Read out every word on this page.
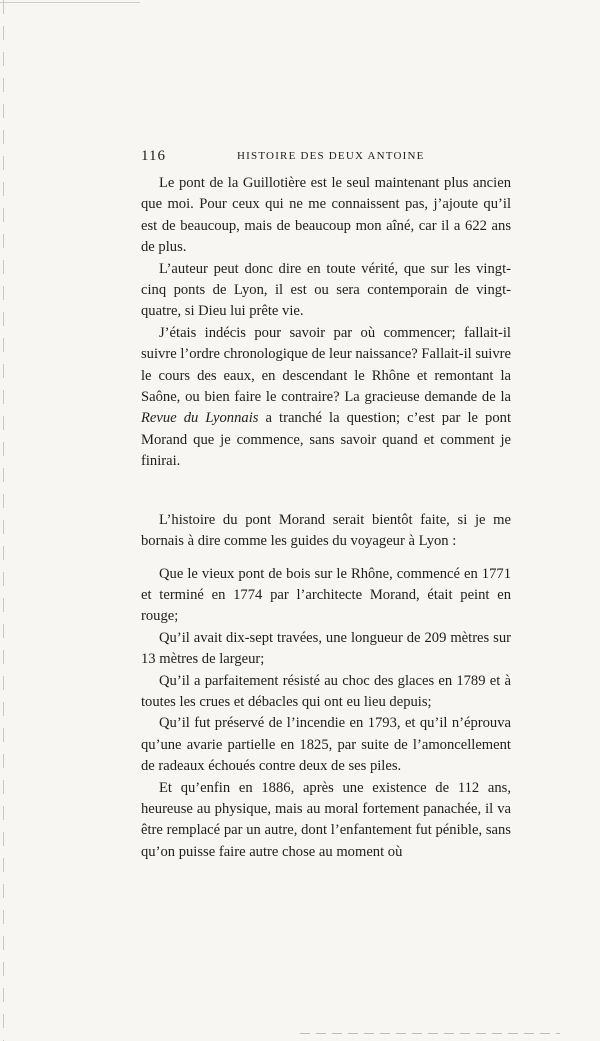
116	HISTOIRE DES DEUX ANTOINE

Le pont de la Guillotière est le seul maintenant plus ancien que moi. Pour ceux qui ne me connaissent pas, j’ajoute qu’il est de beaucoup, mais de beaucoup mon aîné, car il a 622 ans de plus.

L’auteur peut donc dire en toute vérité, que sur les vingt-cinq ponts de Lyon, il est ou sera contemporain de vingt-quatre, si Dieu lui prête vie.

J’étais indécis pour savoir par où commencer; fallait-il suivre l’ordre chronologique de leur naissance? Fallait-il suivre le cours des eaux, en descendant le Rhône et remontant la Saône, ou bien faire le contraire? La gracieuse demande de la Revue du Lyonnais a tranché la question; c’est par le pont Morand que je commence, sans savoir quand et comment je finirai.

L’histoire du pont Morand serait bientôt faite, si je me bornais à dire comme les guides du voyageur à Lyon :

Que le vieux pont de bois sur le Rhône, commencé en 1771 et terminé en 1774 par l’architecte Morand, était peint en rouge;

Qu’il avait dix-sept travées, une longueur de 209 mètres sur 13 mètres de largeur;

Qu’il a parfaitement résisté au choc des glaces en 1789 et à toutes les crues et débacles qui ont eu lieu depuis;

Qu’il fut préservé de l’incendie en 1793, et qu’il n’éprouva qu’une avarie partielle en 1825, par suite de l’amoncellement de radeaux échoués contre deux de ses piles.

Et qu’enfin en 1886, après une existence de 112 ans, heureuse au physique, mais au moral fortement panachée, il va être remplacé par un autre, dont l’enfantement fut pénible, sans qu’on puisse faire autre chose au moment où
